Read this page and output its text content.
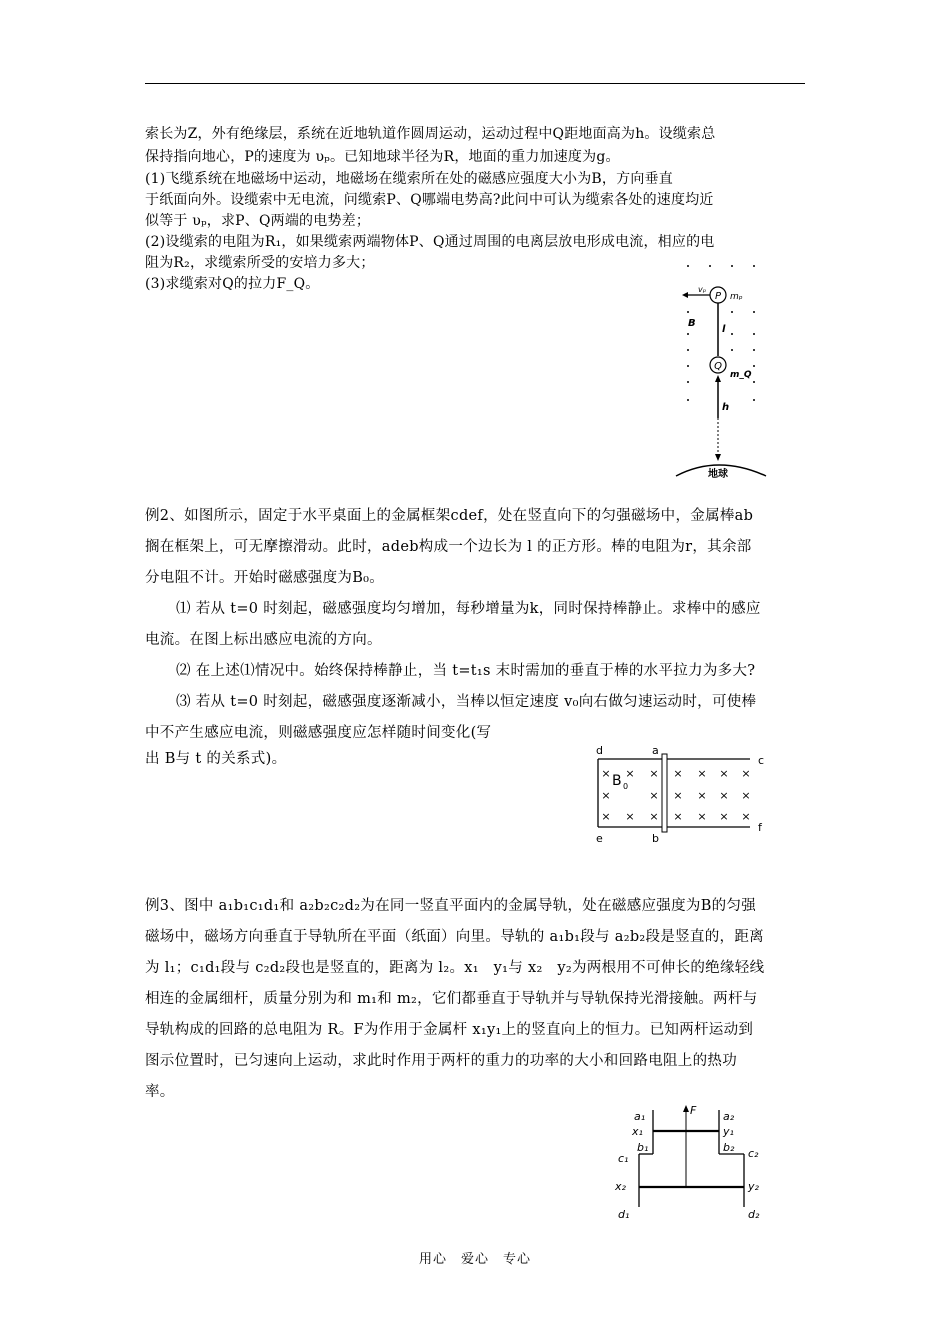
索长为Z，外有绝缘层，系统在近地轨道作圆周运动，运动过程中Q距地面高为h。设缆索总
保持指向地心，P的速度为 υₚ。已知地球半径为R，地面的重力加速度为g。
(1)飞缆系统在地磁场中运动，地磁场在缆索所在处的磁感应强度大小为B，方向垂直
于纸面向外。设缆索中无电流，问缆索P、Q哪端电势高?此问中可认为缆索各处的速度均近
似等于 υₚ，求P、Q两端的电势差；
(2)设缆索的电阻为R₁，如果缆索两端物体P、Q通过周围的电离层放电形成电流，相应的电
阻为R₂，求缆索所受的安培力多大；
(3)求缆索对Q的拉力F_Q。
P
vₚ
mₚ
B
l
Q
m_Q
h
地球
例2、如图所示，固定于水平桌面上的金属框架cdef，处在竖直向下的匀强磁场中，金属棒ab
搁在框架上，可无摩擦滑动。此时，adeb构成一个边长为 l 的正方形。棒的电阻为r，其余部
分电阻不计。开始时磁感强度为B₀。
⑴ 若从 t=0 时刻起，磁感强度均匀增加，每秒增量为k，同时保持棒静止。求棒中的感应
电流。在图上标出感应电流的方向。
⑵ 在上述⑴情况中。始终保持棒静止，当 t=t₁s 末时需加的垂直于棒的水平拉力为多大?
⑶ 若从 t=0 时刻起，磁感强度逐渐减小，当棒以恒定速度 v₀向右做匀速运动时，可使棒
中不产生感应电流，则磁感强度应怎样随时间变化(写
出 B与 t 的关系式)。
d	a
c
e	b
f
B 0
× × × × × × ×
×	× × × × ×
× × × × × × ×
例3、图中 a₁b₁c₁d₁和 a₂b₂c₂d₂为在同一竖直平面内的金属导轨，处在磁感应强度为B的匀强
磁场中，磁场方向垂直于导轨所在平面（纸面）向里。导轨的 a₁b₁段与 a₂b₂段是竖直的，距离
为 l₁；c₁d₁段与 c₂d₂段也是竖直的，距离为 l₂。x₁　y₁与 x₂　y₂为两根用不可伸长的绝缘轻线
相连的金属细杆，质量分别为和 m₁和 m₂，它们都垂直于导轨并与导轨保持光滑接触。两杆与
导轨构成的回路的总电阻为 R。F为作用于金属杆 x₁y₁上的竖直向上的恒力。已知两杆运动到
图示位置时，已匀速向上运动，求此时作用于两杆的重力的功率的大小和回路电阻上的热功
率。
F
a₁	a₂
x₁	y₁
b₁	b₂
c₁	c₂
x₂	y₂
d₁	d₂
用心　爱心　专心
